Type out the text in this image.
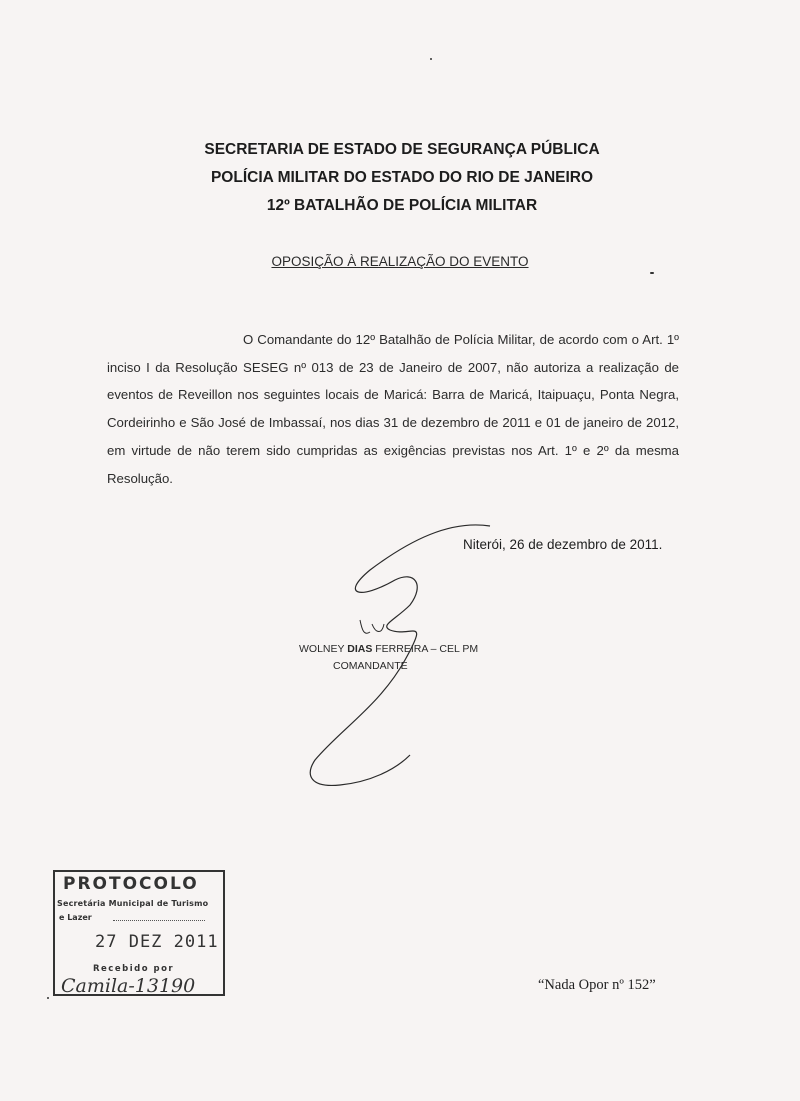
SECRETARIA DE ESTADO DE SEGURANÇA PÚBLICA
POLÍCIA MILITAR DO ESTADO DO RIO DE JANEIRO
12º BATALHÃO DE POLÍCIA MILITAR
OPOSIÇÃO À REALIZAÇÃO DO EVENTO
O Comandante do 12º Batalhão de Polícia Militar, de acordo com o Art. 1º inciso I da Resolução SESEG nº 013 de 23 de Janeiro de 2007, não autoriza a realização de eventos de Reveillon nos seguintes locais de Maricá: Barra de Maricá, Itaipuaçu, Ponta Negra, Cordeirinho e São José de Imbassaí, nos dias 31 de dezembro de 2011 e 01 de janeiro de 2012, em virtude de não terem sido cumpridas as exigências previstas nos Art. 1º e 2º da mesma Resolução.
Niterói, 26 de dezembro de 2011.
WOLNEY DIAS FERREIRA – CEL PM
COMANDANTE
PROTOCOLO
Secretária Municipal de Turismo
e Lazer
27 DEZ 2011
Recebido por
Camila-13190	“Nada Opor nº 152”
